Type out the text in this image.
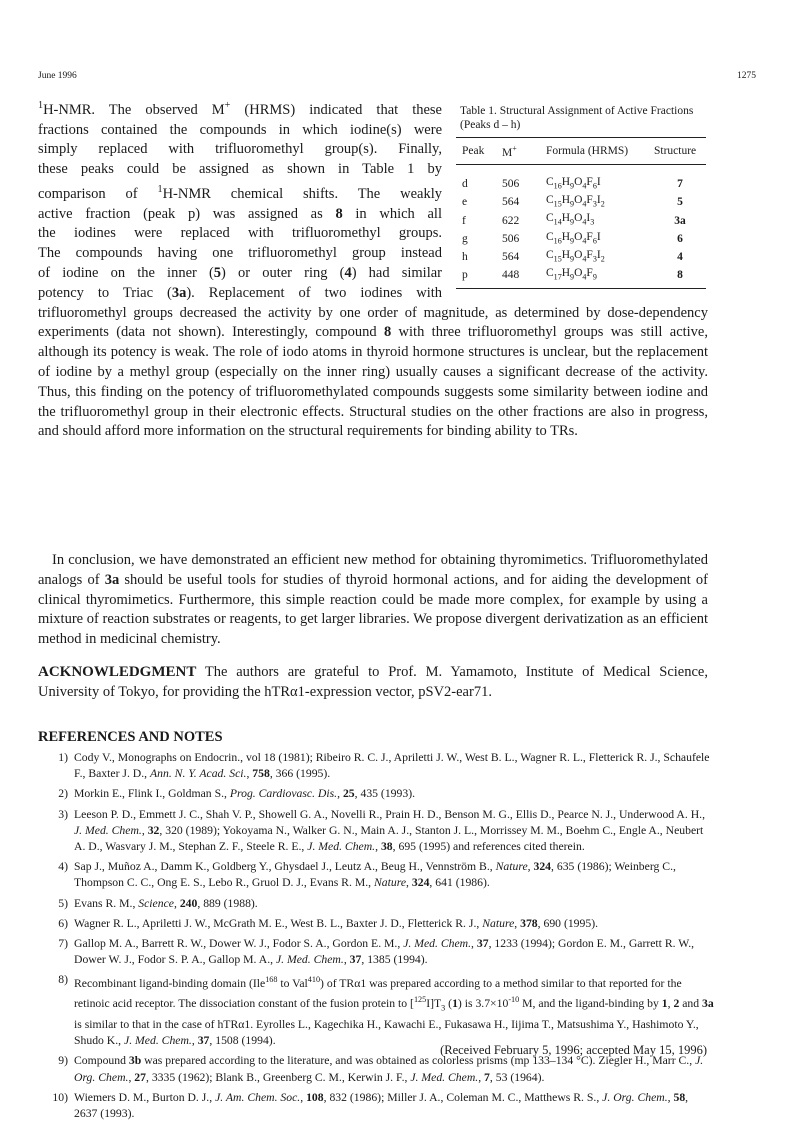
June 1996	1275

Table 1. Structural Assignment of Active Fractions (Peaks d – h)

Peak	M+	Formula (HRMS)	Structure
d	506	$C_{16}H_9O_4F_6I$	7
e	564	$C_{15}H_9O_4F_3I_2$	5
f	622	$C_{14}H_9O_4I_3$	3a
g	506	$C_{16}H_9O_4F_6I$	6
h	564	$C_{15}H_9O_4F_3I_2$	4
p	448	$C_{17}H_9O_4F_9$	8
$^1$H-NMR. The observed M+ (HRMS) indicated that these
fractions contained the compounds in which iodine(s) were
simply replaced with trifluoromethyl group(s). Finally,
these peaks could be assigned as shown in Table 1 by
comparison of $^1$H-NMR chemical shifts. The weakly
active fraction (peak p) was assigned as 8 in which all
the iodines were replaced with trifluoromethyl groups.
The compounds having one trifluoromethyl group instead
of iodine on the inner (5) or outer ring (4) had similar
potency to Triac (3a). Replacement of two iodines with
trifluoromethyl groups decreased the activity by one order of magnitude, as determined by dose-dependency experiments (data not shown). Interestingly, compound 8 with three trifluoromethyl groups was still active, although its potency is weak. The role of iodo atoms in thyroid hormone structures is unclear, but the replacement of iodine by a methyl group (especially on the inner ring) usually causes a significant decrease of the activity. Thus, this finding on the potency of trifluoromethylated compounds suggests some similarity between iodine and the trifluoromethyl group in their electronic effects. Structural studies on the other fractions are also in progress, and should afford more information on the structural requirements for binding ability to TRs.
In conclusion, we have demonstrated an efficient new method for obtaining thyromimetics. Trifluoromethylated analogs of 3a should be useful tools for studies of thyroid hormonal actions, and for aiding the development of clinical thyromimetics. Furthermore, this simple reaction could be made more complex, for example by using a mixture of reaction substrates or reagents, to get larger libraries. We propose divergent derivatization as an efficient method in medicinal chemistry.
ACKNOWLEDGMENT The authors are grateful to Prof. M. Yamamoto, Institute of Medical Science, University of Tokyo, for providing the hTRα1-expression vector, pSV2-ear71.
REFERENCES AND NOTES
1) Cody V., Monographs on Endocrin., vol 18 (1981); Ribeiro R. C. J., Apriletti J. W., West B. L., Wagner R. L., Fletterick R. J., Schaufele F., Baxter J. D., Ann. N. Y. Acad. Sci., 758, 366 (1995).
2) Morkin E., Flink I., Goldman S., Prog. Cardiovasc. Dis., 25, 435 (1993).
3) Leeson P. D., Emmett J. C., Shah V. P., Showell G. A., Novelli R., Prain H. D., Benson M. G., Ellis D., Pearce N. J., Underwood A. H., J. Med. Chem., 32, 320 (1989); Yokoyama N., Walker G. N., Main A. J., Stanton J. L., Morrissey M. M., Boehm C., Engle A., Neubert A. D., Wasvary J. M., Stephan Z. F., Steele R. E., J. Med. Chem., 38, 695 (1995) and references cited therein.
4) Sap J., Muñoz A., Damm K., Goldberg Y., Ghysdael J., Leutz A., Beug H., Vennström B., Nature, 324, 635 (1986); Weinberg C., Thompson C. C., Ong E. S., Lebo R., Gruol D. J., Evans R. M., Nature, 324, 641 (1986).
5) Evans R. M., Science, 240, 889 (1988).
6) Wagner R. L., Apriletti J. W., McGrath M. E., West B. L., Baxter J. D., Fletterick R. J., Nature, 378, 690 (1995).
7) Gallop M. A., Barrett R. W., Dower W. J., Fodor S. A., Gordon E. M., J. Med. Chem., 37, 1233 (1994); Gordon E. M., Garrett R. W., Dower W. J., Fodor S. P. A., Gallop M. A., J. Med. Chem., 37, 1385 (1994).
8) Recombinant ligand-binding domain (Ile$^{168}$ to Val$^{410}$) of TRα1 was prepared according to a method similar to that reported for the retinoic acid receptor. The dissociation constant of the fusion protein to $[^{125}I]T_3$ (1) is $3.7\times 10^{-10}$ M, and the ligand-binding by 1, 2 and 3a is similar to that in the case of hTRα1. Eyrolles L., Kagechika H., Kawachi E., Fukasawa H., Iijima T., Matsushima Y., Hashimoto Y., Shudo K., J. Med. Chem., 37, 1508 (1994).
9) Compound 3b was prepared according to the literature, and was obtained as colorless prisms (mp 133–134 °C). Ziegler H., Marr C., J. Org. Chem., 27, 3335 (1962); Blank B., Greenberg C. M., Kerwin J. F., J. Med. Chem., 7, 53 (1964).
10) Wiemers D. M., Burton D. J., J. Am. Chem. Soc., 108, 832 (1986); Miller J. A., Coleman M. C., Matthews R. S., J. Org. Chem., 58, 2637 (1993).
(Received February 5, 1996; accepted May 15, 1996)
